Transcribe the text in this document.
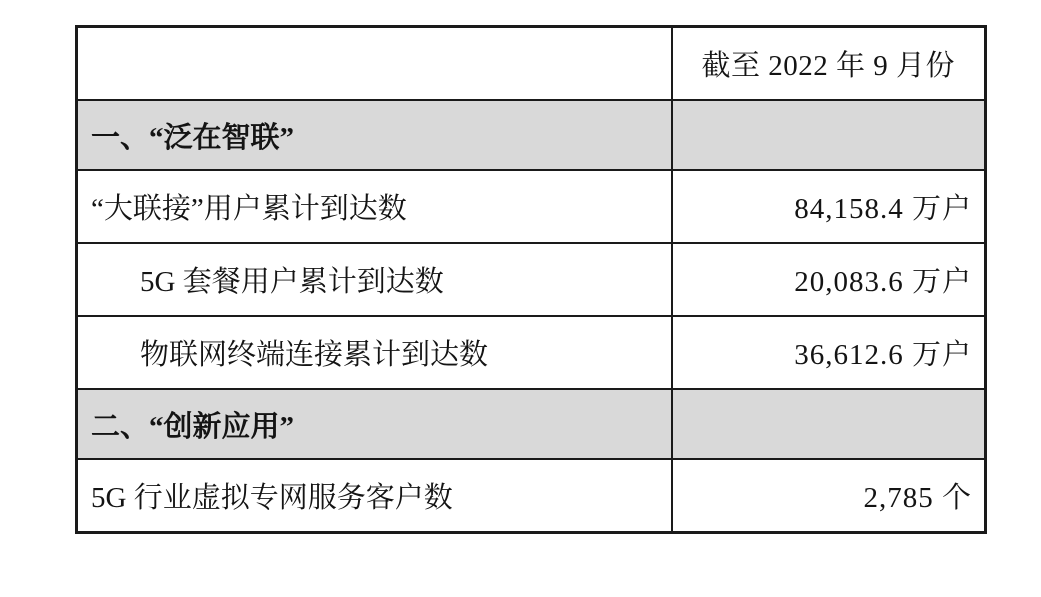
	截至 2022 年 9 月份
一、“泛在智联”	
“大联接”用户累计到达数	84,158.4 万户
5G 套餐用户累计到达数	20,083.6 万户
物联网终端连接累计到达数	36,612.6 万户
二、“创新应用”	
5G 行业虚拟专网服务客户数	2,785 个
